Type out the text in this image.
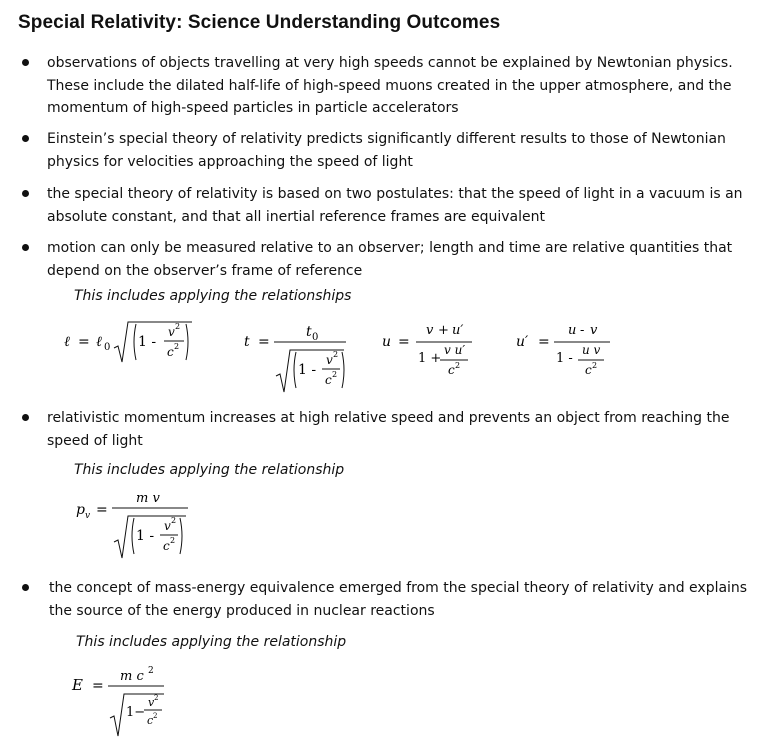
Special Relativity: Science Understanding Outcomes
observations of objects travelling at very high speeds cannot be explained by Newtonian physics. These include the dilated half-life of high-speed muons created in the upper atmosphere, and the momentum of high-speed particles in particle accelerators
Einstein’s special theory of relativity predicts significantly different results to those of Newtonian physics for velocities approaching the speed of light
the special theory of relativity is based on two postulates: that the speed of light in a vacuum is an absolute constant, and that all inertial reference frames are equivalent
motion can only be measured relative to an observer; length and time are relative quantities that depend on the observer’s frame of reference
This includes applying the relationships
ℓ = ℓ 0 1 -
v 2
c 2	t =
t 0
1 -
v 2
c 2
u =
v + u′
1 +
v u′
c 2
u′ =
u - v
1 -
u v
c 2
relativistic momentum increases at high relative speed and prevents an object from reaching the speed of light
This includes applying the relationship
p v =
m v
1 -
v 2
c 2
the concept of mass-energy equivalence emerged from the special theory of relativity and explains the source of the energy produced in nuclear reactions
This includes applying the relationship
E =
m c 2
1−
v 2
c 2
